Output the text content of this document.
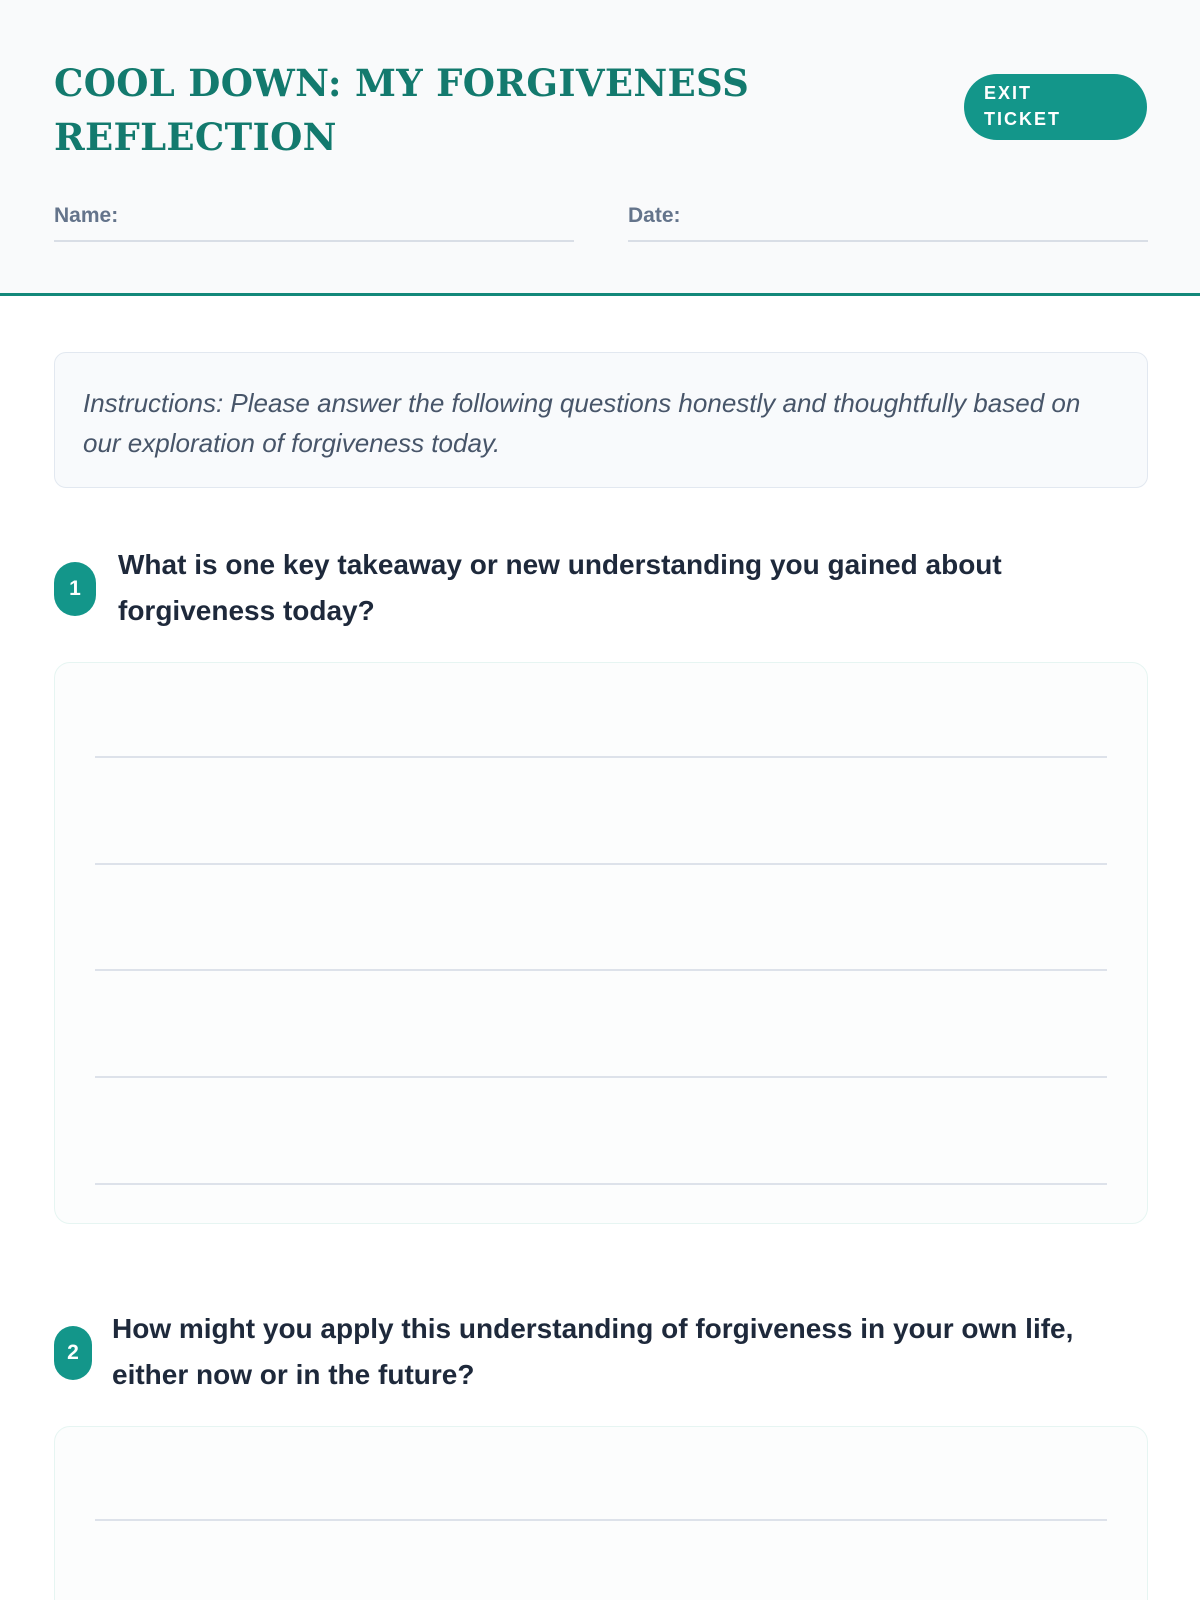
COOL DOWN: MY FORGIVENESS REFLECTION
EXIT
TICKET
Name:	Date:
Instructions: Please answer the following questions honestly and thoughtfully based on our exploration of forgiveness today.
1

What is one key takeaway or new understanding you gained about forgiveness today?

2

How might you apply this understanding of forgiveness in your own life, either now or in the future?
